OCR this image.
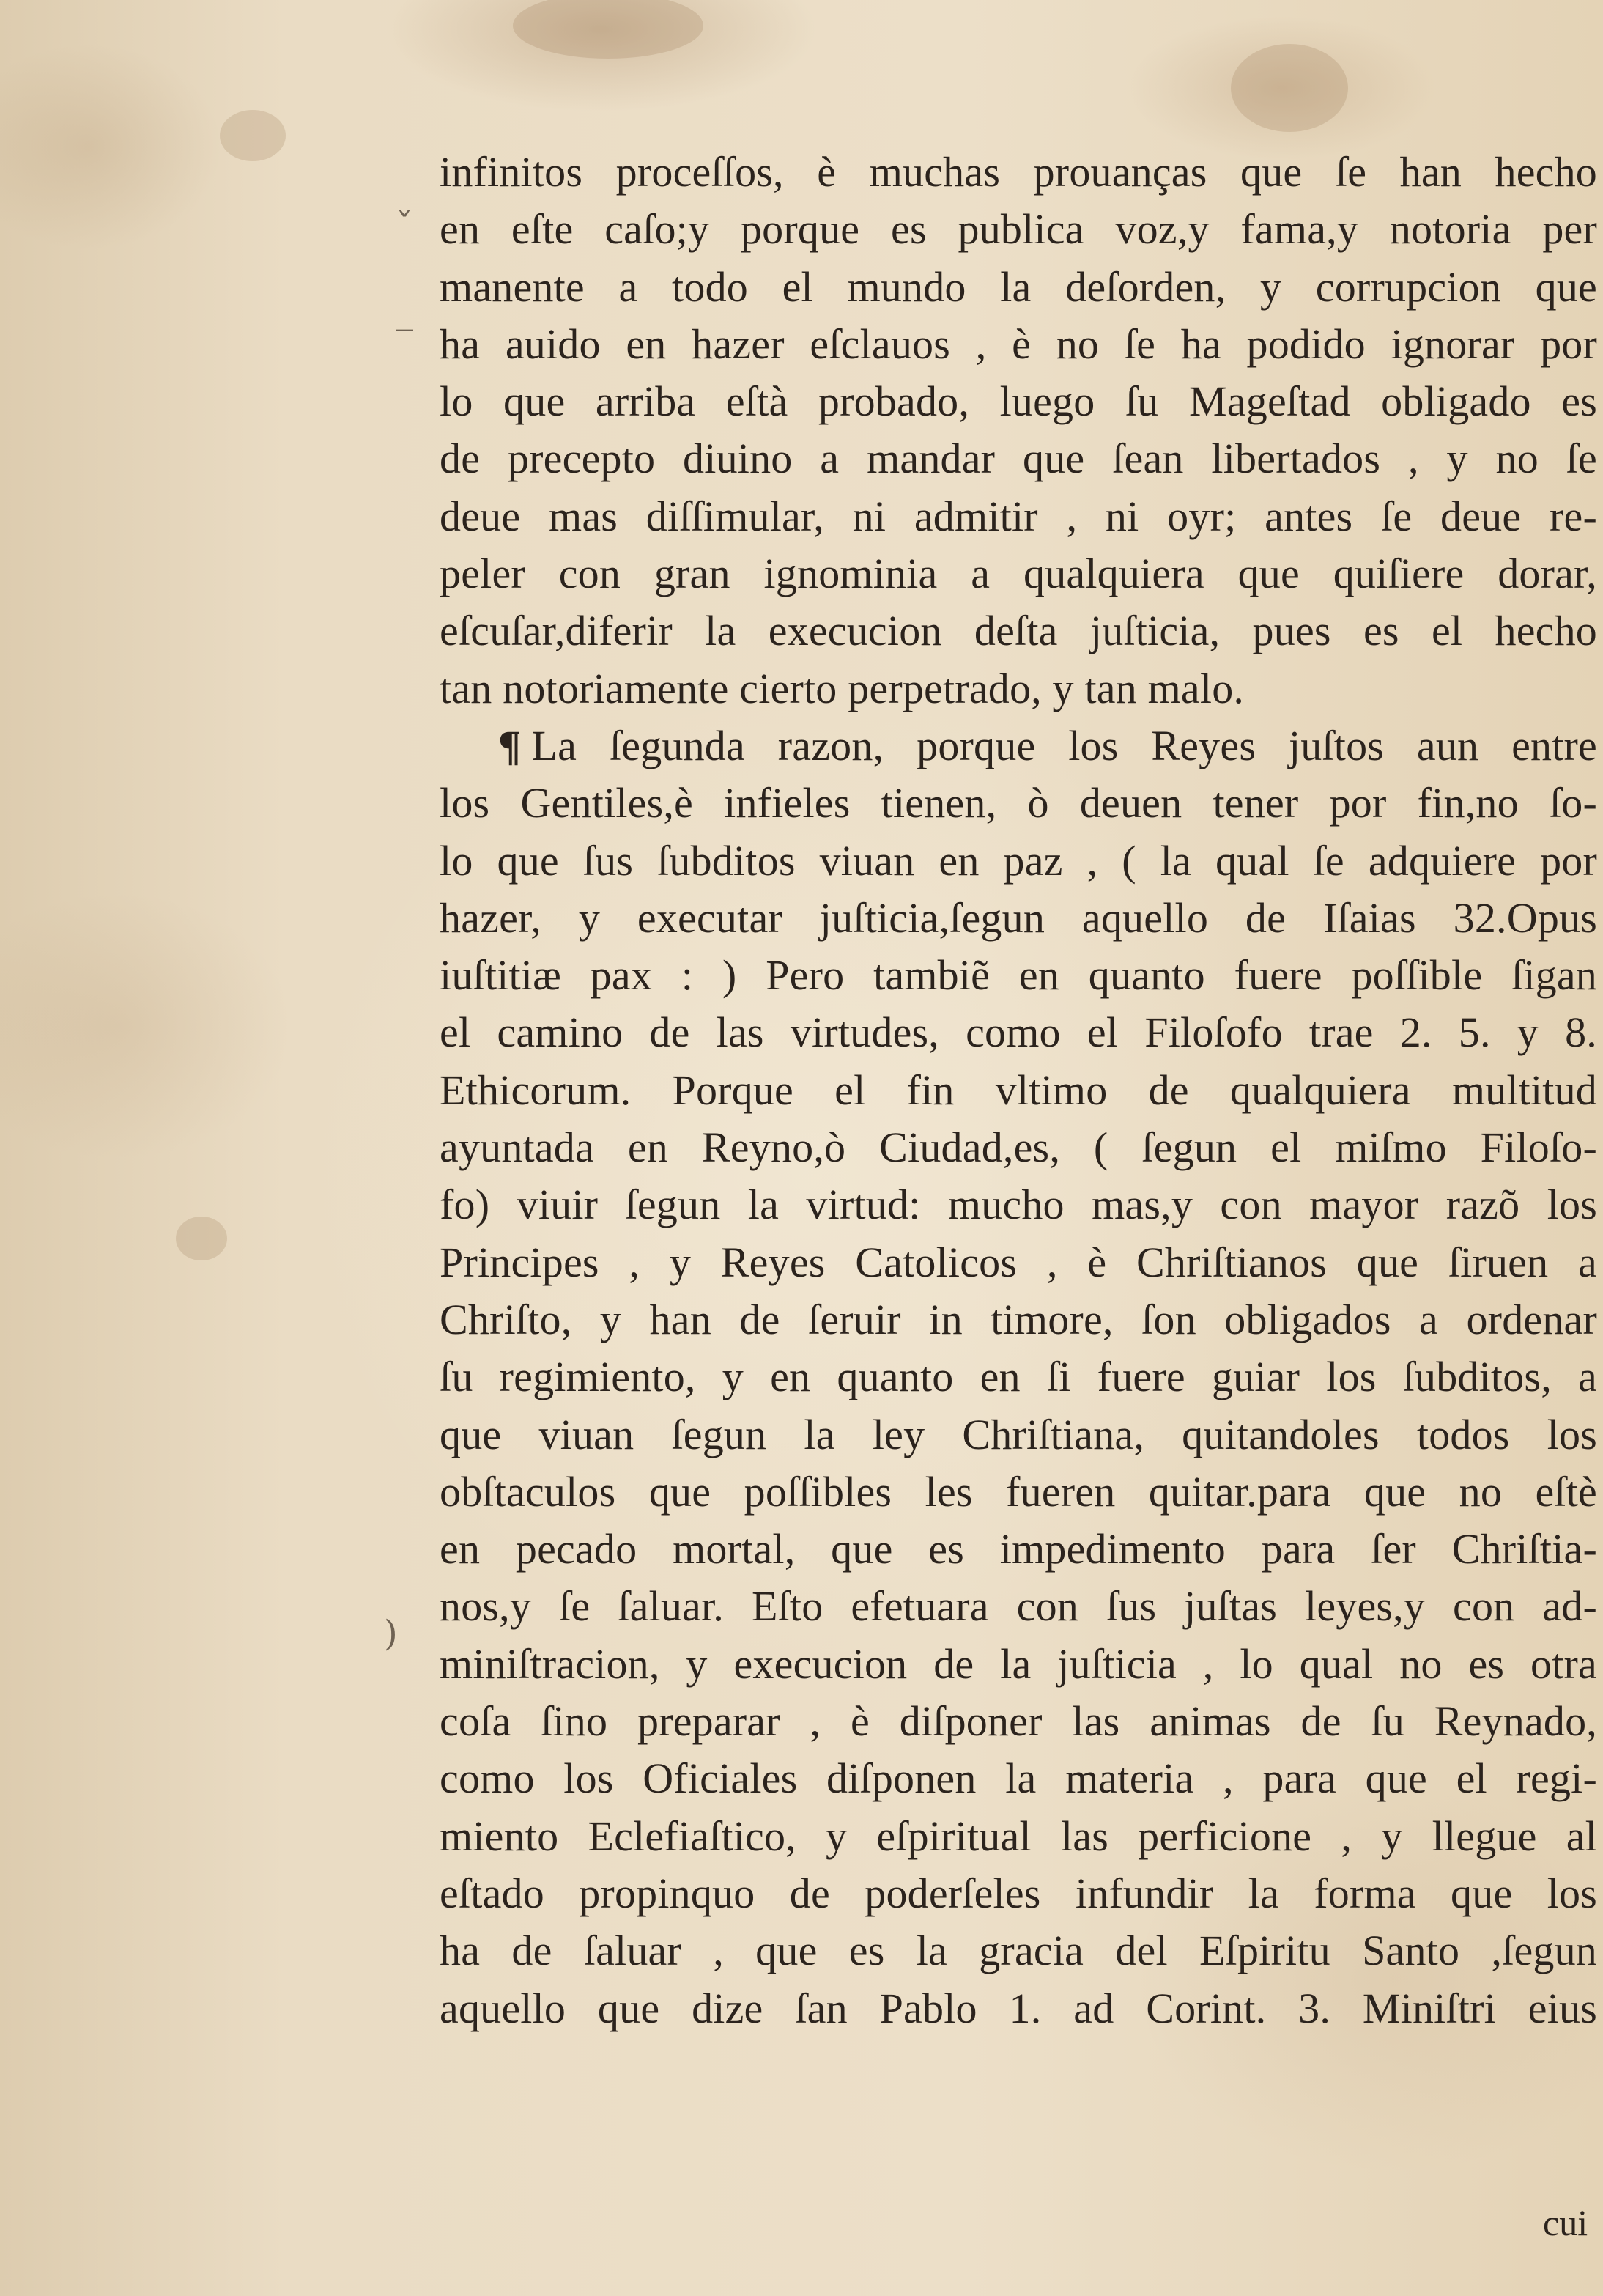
ˇ
_
)
infinitos proceſſos, è muchas prouanças que ſe han hecho
en eſte caſo;y porque es publica voz,y fama,y notoria per
manente a todo el mundo la deſorden, y corrupcion que
ha auido en hazer eſclauos , è no ſe ha podido ignorar por
lo que arriba eſtà probado, luego ſu Mageſtad obligado es
de precepto diuino a mandar que ſean libertados , y no ſe
deue mas diſſimular, ni admitir , ni oyr; antes ſe deue re-
peler con gran ignominia a qualquiera que quiſiere dorar,
eſcuſar,diferir la execucion deſta juſticia, pues es el hecho
tan notoriamente cierto perpetrado, y tan malo.
¶ La ſegunda razon, porque los Reyes juſtos aun entre
los Gentiles,è infieles tienen, ò deuen tener por fin,no ſo-
lo que ſus ſubditos viuan en paz , ( la qual ſe adquiere por
hazer, y executar juſticia,ſegun aquello de Iſaias 32.Opus
iuſtitiæ pax : ) Pero tambiẽ en quanto fuere poſſible ſigan
el camino de las virtudes, como el Filoſofo trae 2. 5. y 8.
Ethicorum. Porque el fin vltimo de qualquiera multitud
ayuntada en Reyno,ò Ciudad,es, ( ſegun el miſmo Filoſo-
fo) viuir ſegun la virtud: mucho mas,y con mayor razõ los
Principes , y Reyes Catolicos , è Chriſtianos que ſiruen a
Chriſto, y han de ſeruir in timore, ſon obligados a ordenar
ſu regimiento, y en quanto en ſi fuere guiar los ſubditos, a
que viuan ſegun la ley Chriſtiana, quitandoles todos los
obſtaculos que poſſibles les fueren quitar.para que no eſtè
en pecado mortal, que es impedimento para ſer Chriſtia-
nos,y ſe ſaluar. Eſto efetuara con ſus juſtas leyes,y con ad-
miniſtracion, y execucion de la juſticia , lo qual no es otra
coſa ſino preparar , è diſponer las animas de ſu Reynado,
como los Oficiales diſponen la materia , para que el regi-
miento Eclefiaſtico, y eſpiritual las perficione , y llegue al
eſtado propinquo de poderſeles infundir la forma que los
ha de ſaluar , que es la gracia del Eſpiritu Santo ,ſegun
aquello que dize ſan Pablo 1. ad Corint. 3. Miniſtri eius
cui
